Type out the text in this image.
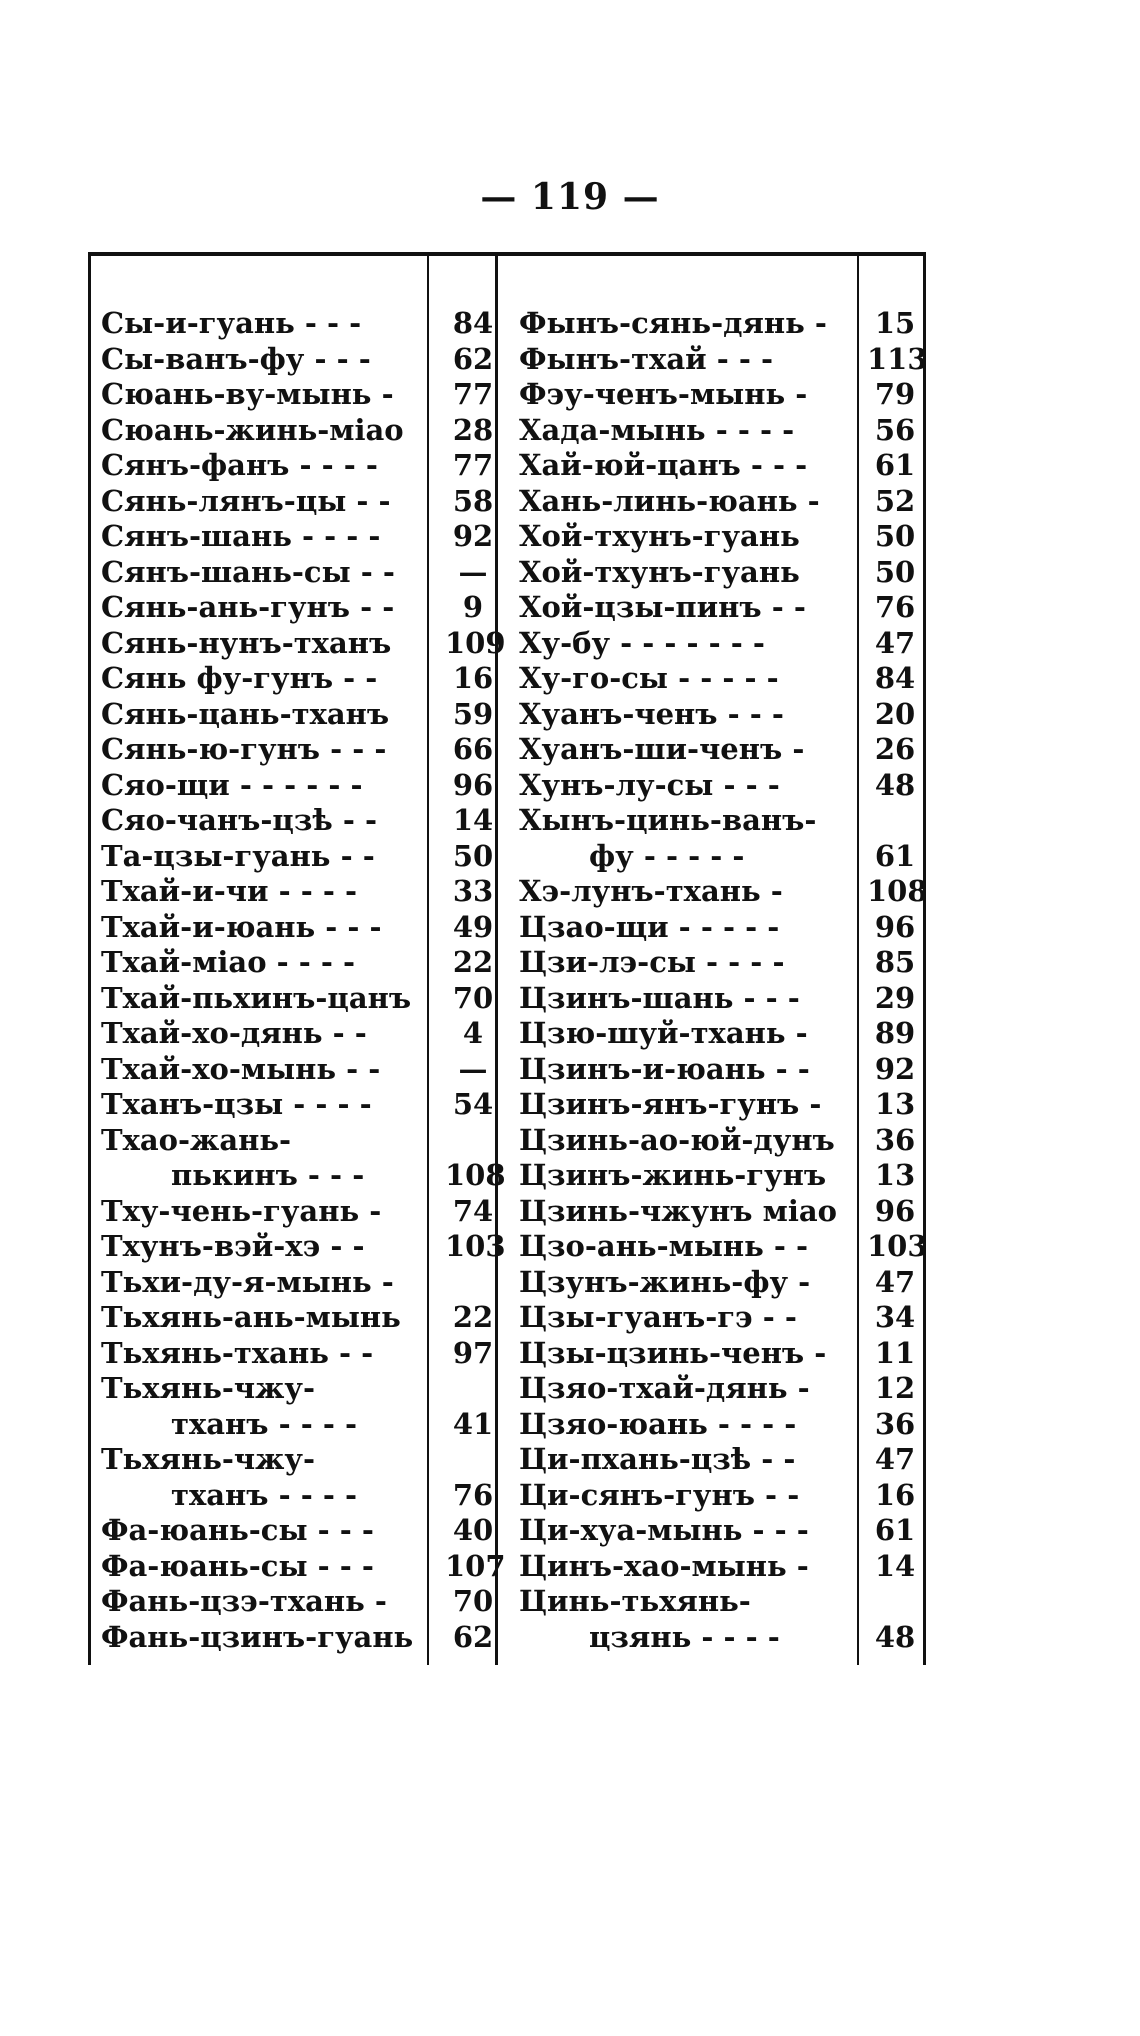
— 119 —
Сы-и-гуань - - -	84
Сы-ванъ-фу - - -	62
Сюань-ву-мынь - 77
Сюань-жинь-міао 28
Сянъ-фанъ - - - -	77
Сянь-лянъ-цы - - 58
Сянъ-шань - - - - 92
Сянъ-шань-сы - -	—
Сянь-ань-гунъ - -	9
Сянь-нунъ-тханъ 109
Сянь фу-гунъ - -	16
Сянь-цань-тханъ 59
Сянь-ю-гунъ - - - 66
Сяо-щи - - - - - -	96
Сяо-чанъ-цзѣ - -	14
Та-цзы-гуань - -	50
Тхай-и-чи - - - -	33
Тхай-и-юань - - - 49
Тхай-міао - - - -	22
Тхай-пьхинъ-цанъ 70
Тхай-хо-дянь - -	4
Тхай-хо-мынь - -	—
Тханъ-цзы - - - -	54
Тхао-жань-
пькинъ - - -	108
Тху-чень-гуань - 74
Тхунъ-вэй-хэ - -	103
Тьхи-ду-я-мынь -
Тьхянь-ань-мынь 22
Тьхянь-тхань - -	97
Тьхянь-чжу-
тханъ - - - -	41
Тьхянь-чжу-
тханъ - - - -	76
Фа-юань-сы - - -	40
Фа-юань-сы - - - 107
Фань-цзэ-тхань - 70
Фань-цзинъ-гуань 62
Фынъ-сянь-дянь - 15
Фынъ-тхай - - -	113
Фэу-ченъ-мынь - 79
Хада-мынь - - - -	56
Хай-юй-цанъ - - - 61
Хань-линь-юань - 52
Хой-тхунъ-гуань	50
Хой-тхунъ-гуань	50
Хой-цзы-пинъ - - 76
Ху-бу - - - - - - -	47
Ху-го-сы - - - - -	84
Хуанъ-ченъ - - -	20
Хуанъ-ши-ченъ - 26
Хунъ-лу-сы - - -	48
Хынъ-цинь-ванъ-
фу - - - - -	61
Хэ-лунъ-тхань -	108
Цзао-щи - - - - -	96
Цзи-лэ-сы - - - -	85
Цзинъ-шань - - -	29
Цзю-шуй-тхань - 89
Цзинъ-и-юань - - 92
Цзинъ-янъ-гунъ - 13
Цзинь-ао-юй-дунъ 36
Цзинъ-жинь-гунъ 13
Цзинь-чжунъ міао 96
Цзо-ань-мынь - - 103
Цзунъ-жинь-фу - 47
Цзы-гуанъ-гэ - -	34
Цзы-цзинь-ченъ - 11
Цзяо-тхай-дянь - 12
Цзяо-юань - - - -	36
Ци-пхань-цзѣ - -	47
Ци-сянъ-гунъ - -	16
Ци-хуа-мынь - - - 61
Цинъ-хао-мынь - 14
Цинь-тьхянь-
цзянь - - - -	48
